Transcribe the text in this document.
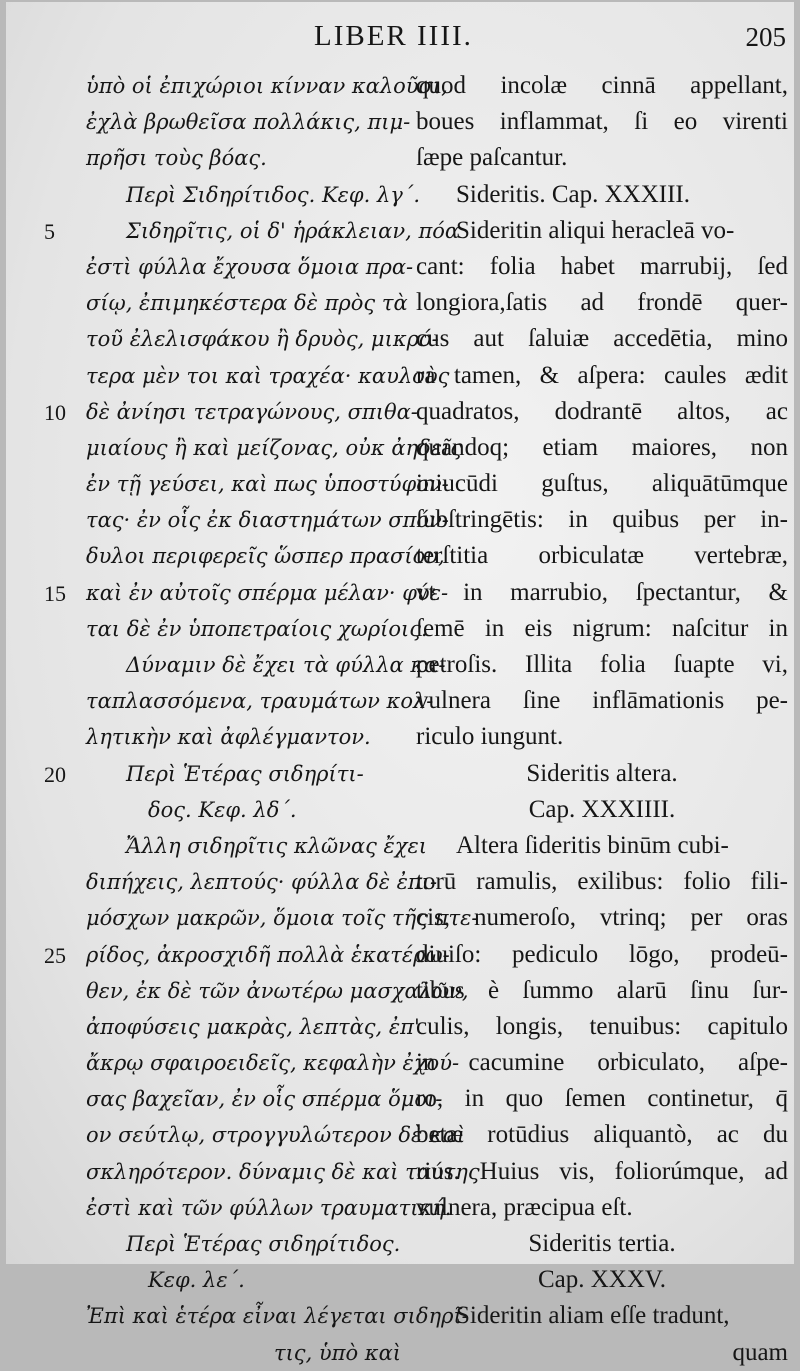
LIBER IIII.	205
5
10
15
20
25
ὑπὸ οἱ ἐπιχώριοι κίνναν καλοῦσι,
ἐχλὰ βρωθεῖσα πολλάκις, πιμ-
πρῆσι τοὺς βόας.
Περὶ Σιδηρίτιδος. Κεφ. λγ΄.
Σιδηρῖτις, οἱ δ' ἡράκλειαν, πόα
ἐστὶ φύλλα ἔχουσα ὅμοια πρα-
σίῳ, ἐπιμηκέστερα δὲ πρὸς τὰ
τοῦ ἐλελισφάκου ἢ δρυὸς, μικρό-
τερα μὲν τοι καὶ τραχέα· καυλοὺς
δὲ ἀνίησι τετραγώνους, σπιθα-
μιαίους ἢ καὶ μείζονας, οὐκ ἀηδεῖς
ἐν τῇ γεύσει, καὶ πως ὑποστύφον-
τας· ἐν οἷς ἐκ διαστημάτων σπόν-
δυλοι περιφερεῖς ὥσπερ πρασίου,
καὶ ἐν αὐτοῖς σπέρμα μέλαν· φύε-
ται δὲ ἐν ὑποπετραίοις χωρίοις.
Δύναμιν δὲ ἔχει τὰ φύλλα κα-
ταπλασσόμενα, τραυμάτων κολ-
λητικὴν καὶ ἀφλέγμαντον.
Περὶ Ἑτέρας σιδηρίτι-
δος. Κεφ. λδ΄.
Ἄλλη σιδηρῖτις κλῶνας ἔχει
διπήχεις, λεπτούς· φύλλα δὲ ἐπι-
μόσχων μακρῶν, ὅμοια τοῖς τῆς πτε-
ρίδος, ἀκροσχιδῆ πολλὰ ἑκατέρω-
θεν, ἐκ δὲ τῶν ἀνωτέρω μασχαλῶν,
ἀποφύσεις μακρὰς, λεπτὰς, ἐπ'
ἄκρῳ σφαιροειδεῖς, κεφαλὴν ἐχού-
σας βαχεῖαν, ἐν οἷς σπέρμα ὅμοι-
ον σεύτλῳ, στρογγυλώτερον δὲ καὶ
σκληρότερον. δύναμις δὲ καὶ ταύτης
ἐστὶ καὶ τῶν φύλλων τραυματική.
Περὶ Ἑτέρας σιδηρίτιδος.
Κεφ. λε΄.
Ἐπὶ καὶ ἑτέρα εἶναι λέγεται σιδηρῖ-
τις, ὑπὸ καὶ
quod incolæ cinnā appellant,
boues inflammat, ſi eo virenti
ſæpe paſcantur.
Sideritis. Cap. XXXIII.
Sideritin aliqui heracleā vo-
cant: folia habet marrubij, ſed
longiora,ſatis ad frondē quer-
cus aut ſaluiæ accedētia, mino
ra tamen, & aſpera: caules ædit
quadratos, dodrantē altos, ac
quandoq; etiam maiores, non
iniucūdi guſtus, aliquātūmque
ſubſtringētis: in quibus per in-
terſtitia orbiculatæ vertebræ,
vt in marrubio, ſpectantur, &
ſemē in eis nigrum: naſcitur in
petroſis. Illita folia ſuapte vi,
vulnera ſine inflāmationis pe-
riculo iungunt.
Sideritis altera.
Cap. XXXIIII.
Altera ſideritis binūm cubi-
torū ramulis, exilibus: folio fili-
cis, numeroſo, vtrinq; per oras
diuiſo: pediculo lōgo, prodeū-
tibus è ſummo alarū ſinu ſur-
culis, longis, tenuibus: capitulo
in cacumine orbiculato, aſpe-
ro, in quo ſemen continetur, q̄
betæ rotūdius aliquantò, ac du
rius. Huius vis, foliorúmque, ad
vulnera, præcipua eſt.
Sideritis tertia.
Cap. XXXV.
Sideritin aliam eſſe tradunt,
quam
